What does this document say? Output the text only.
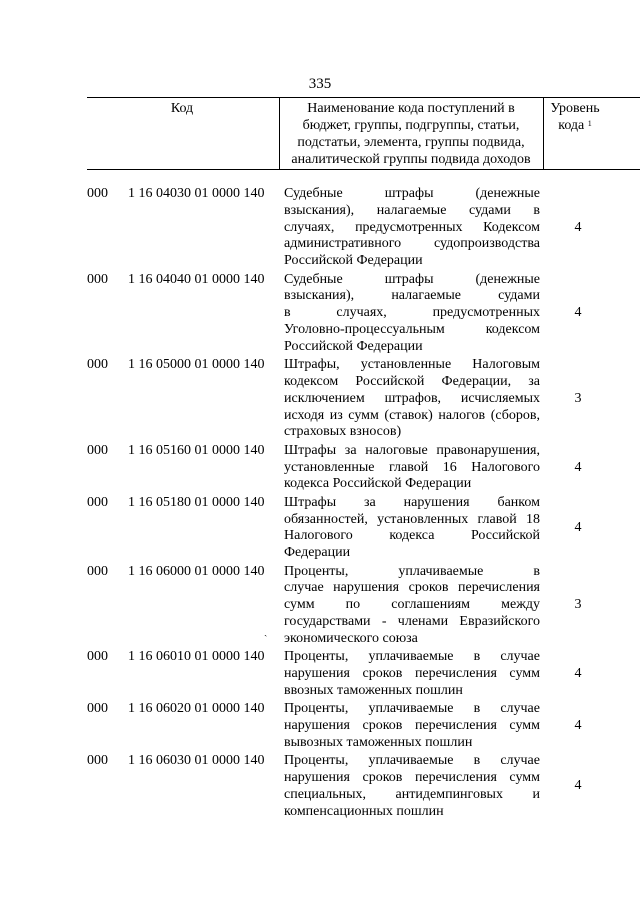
335
Код	Наименование кода поступлений в
бюджет, группы, подгруппы, статьи,
подстатьи, элемента, группы подвида,
аналитической группы подвида доходов
Уровень
кода $^1$
000 1 16 04030 01 0000 140 Судебные штрафы (денежные
взыскания), налагаемые судами в
случаях, предусмотренных Кодексом
административного судопроизводства
Российской Федерации
4
000 1 16 04040 01 0000 140 Судебные штрафы (денежные
взыскания), налагаемые судами
в случаях, предусмотренных
Уголовно-процессуальным кодексом
Российской Федерации
4
000 1 16 05000 01 0000 140 Штрафы, установленные Налоговым
кодексом Российской Федерации, за
исключением штрафов, исчисляемых
исходя из сумм (ставок) налогов (сборов,
страховых взносов)
3
000 1 16 05160 01 0000 140 Штрафы за налоговые правонарушения,
установленные главой 16 Налогового
кодекса Российской Федерации
4
000 1 16 05180 01 0000 140 Штрафы за нарушения банком
обязанностей, установленных главой 18
Налогового кодекса Российской
Федерации
4
000 1 16 06000 01 0000 140 Проценты, уплачиваемые в
случае нарушения сроков перечисления
сумм по соглашениям между
государствами - членами Евразийского
экономического союза
3
ˏ
000 1 16 06010 01 0000 140 Проценты, уплачиваемые в случае
нарушения сроков перечисления сумм
ввозных таможенных пошлин
4
000 1 16 06020 01 0000 140 Проценты, уплачиваемые в случае
нарушения сроков перечисления сумм
вывозных таможенных пошлин
4
000 1 16 06030 01 0000 140 Проценты, уплачиваемые в случае
нарушения сроков перечисления сумм
специальных, антидемпинговых и
компенсационных пошлин
4
